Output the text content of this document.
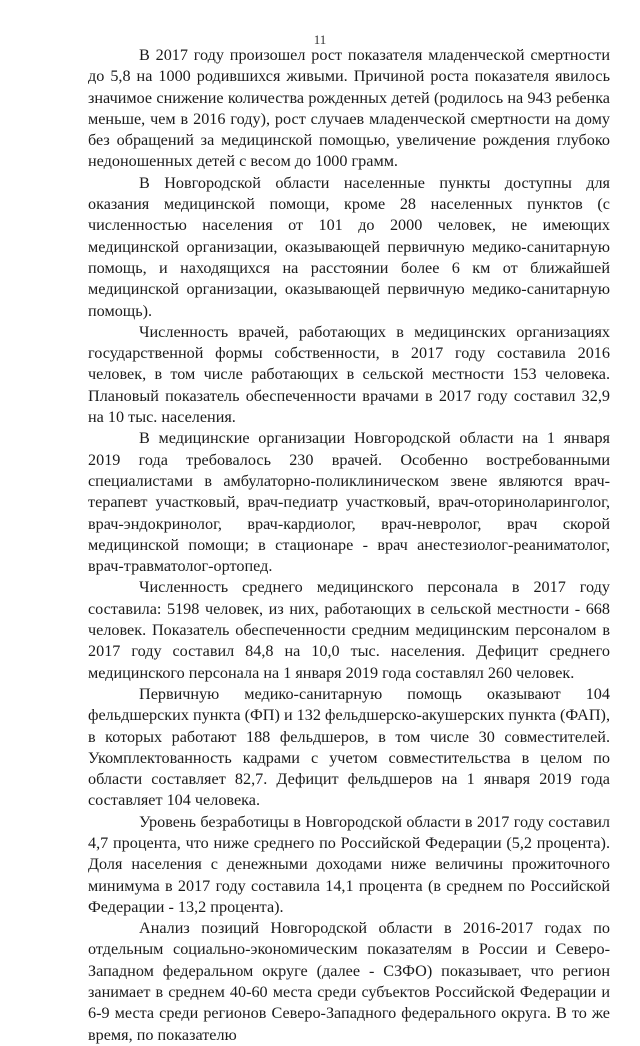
11

В 2017 году произошел рост показателя младенческой смертности до 5,8 на 1000 родившихся живыми. Причиной роста показателя явилось значимое снижение количества рожденных детей (родилось на 943 ребенка меньше, чем в 2016 году), рост случаев младенческой смертности на дому без обращений за медицинской помощью, увеличение рождения глубоко недоношенных детей с весом до 1000 грамм.

В Новгородской области населенные пункты доступны для оказания медицинской помощи, кроме 28 населенных пунктов (с численностью населения от 101 до 2000 человек, не имеющих медицинской организации, оказывающей первичную медико-санитарную помощь, и находящихся на расстоянии более 6 км от ближайшей медицинской организации, оказывающей первичную медико-санитарную помощь).

Численность врачей, работающих в медицинских организациях государственной формы собственности, в 2017 году составила 2016 человек, в том числе работающих в сельской местности 153 человека. Плановый показатель обеспеченности врачами в 2017 году составил 32,9 на 10 тыс. населения.

В медицинские организации Новгородской области на 1 января 2019 года требовалось 230 врачей. Особенно востребованными специалистами в амбулаторно-поликлиническом звене являются врач-терапевт участковый, врач-педиатр участковый, врач-оториноларинголог, врач-эндокринолог, врач-кардиолог, врач-невролог, врач скорой медицинской помощи; в стационаре - врач анестезиолог-реаниматолог, врач-травматолог-ортопед.

Численность среднего медицинского персонала в 2017 году составила: 5198 человек, из них, работающих в сельской местности - 668 человек. Показатель обеспеченности средним медицинским персоналом в 2017 году составил 84,8 на 10,0 тыс. населения. Дефицит среднего медицинского персонала на 1 января 2019 года составлял 260 человек.

Первичную медико-санитарную помощь оказывают 104 фельдшерских пункта (ФП) и 132 фельдшерско-акушерских пункта (ФАП), в которых работают 188 фельдшеров, в том числе 30 совместителей. Укомплектованность кадрами с учетом совместительства в целом по области составляет 82,7. Дефицит фельдшеров на 1 января 2019 года составляет 104 человека.

Уровень безработицы в Новгородской области в 2017 году составил 4,7 процента, что ниже среднего по Российской Федерации (5,2 процента). Доля населения с денежными доходами ниже величины прожиточного минимума в 2017 году составила 14,1 процента (в среднем по Российской Федерации - 13,2 процента).

Анализ позиций Новгородской области в 2016-2017 годах по отдельным социально-экономическим показателям в России и Северо-Западном федеральном округе (далее - СЗФО) показывает, что регион занимает в среднем 40-60 места среди субъектов Российской Федерации и 6-9 места среди регионов Северо-Западного федерального округа. В то же время, по показателю
